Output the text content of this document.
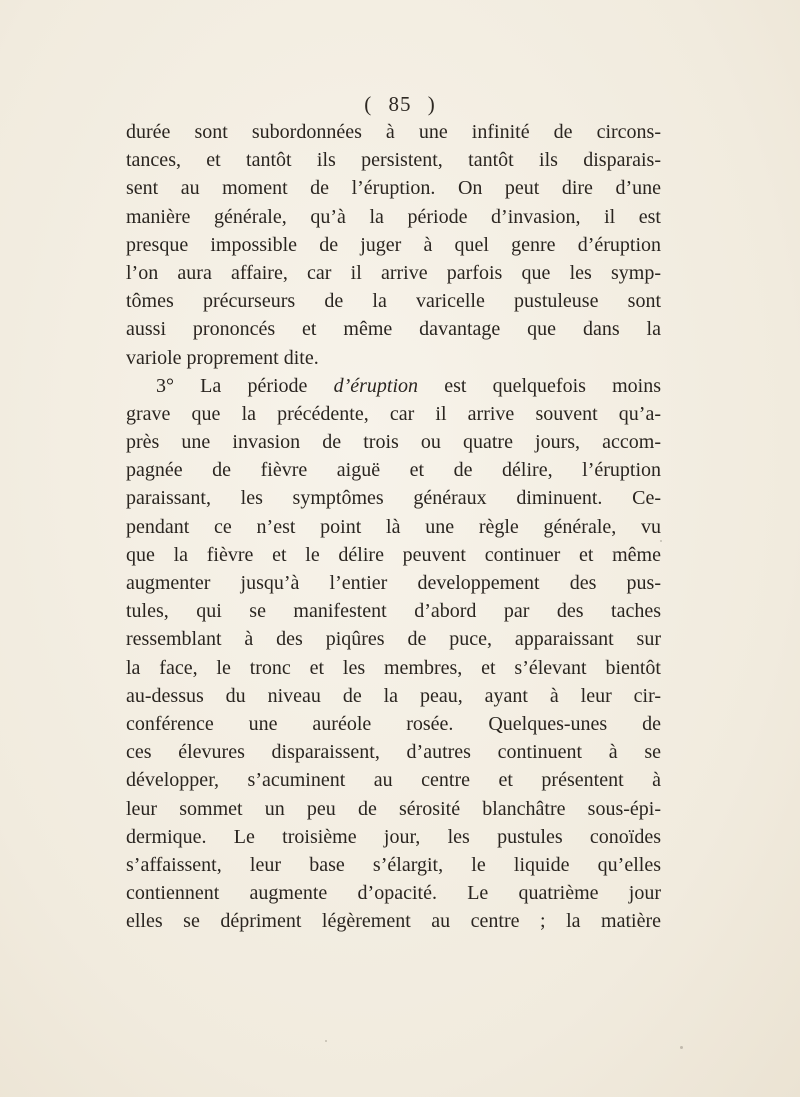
( 85 )
durée sont subordonnées à une infinité de circons-
tances, et tantôt ils persistent, tantôt ils disparais-
sent au moment de l’éruption. On peut dire d’une
manière générale, qu’à la période d’invasion, il est
presque impossible de juger à quel genre d’éruption
l’on aura affaire, car il arrive parfois que les symp-
tômes précurseurs de la varicelle pustuleuse sont
aussi prononcés et même davantage que dans la
variole proprement dite.
3° La période d’éruption est quelquefois moins
grave que la précédente, car il arrive souvent qu’a-
près une invasion de trois ou quatre jours, accom-
pagnée de fièvre aiguë et de délire, l’éruption
paraissant, les symptômes généraux diminuent. Ce-
pendant ce n’est point là une règle générale, vu
que la fièvre et le délire peuvent continuer et même
augmenter jusqu’à l’entier developpement des pus-
tules, qui se manifestent d’abord par des taches
ressemblant à des piqûres de puce, apparaissant sur
la face, le tronc et les membres, et s’élevant bientôt
au-dessus du niveau de la peau, ayant à leur cir-
conférence une auréole rosée. Quelques-unes de
ces élevures disparaissent, d’autres continuent à se
développer, s’acuminent au centre et présentent à
leur sommet un peu de sérosité blanchâtre sous-épi-
dermique. Le troisième jour, les pustules conoïdes
s’affaissent, leur base s’élargit, le liquide qu’elles
contiennent augmente d’opacité. Le quatrième jour
elles se dépriment légèrement au centre ; la matière
